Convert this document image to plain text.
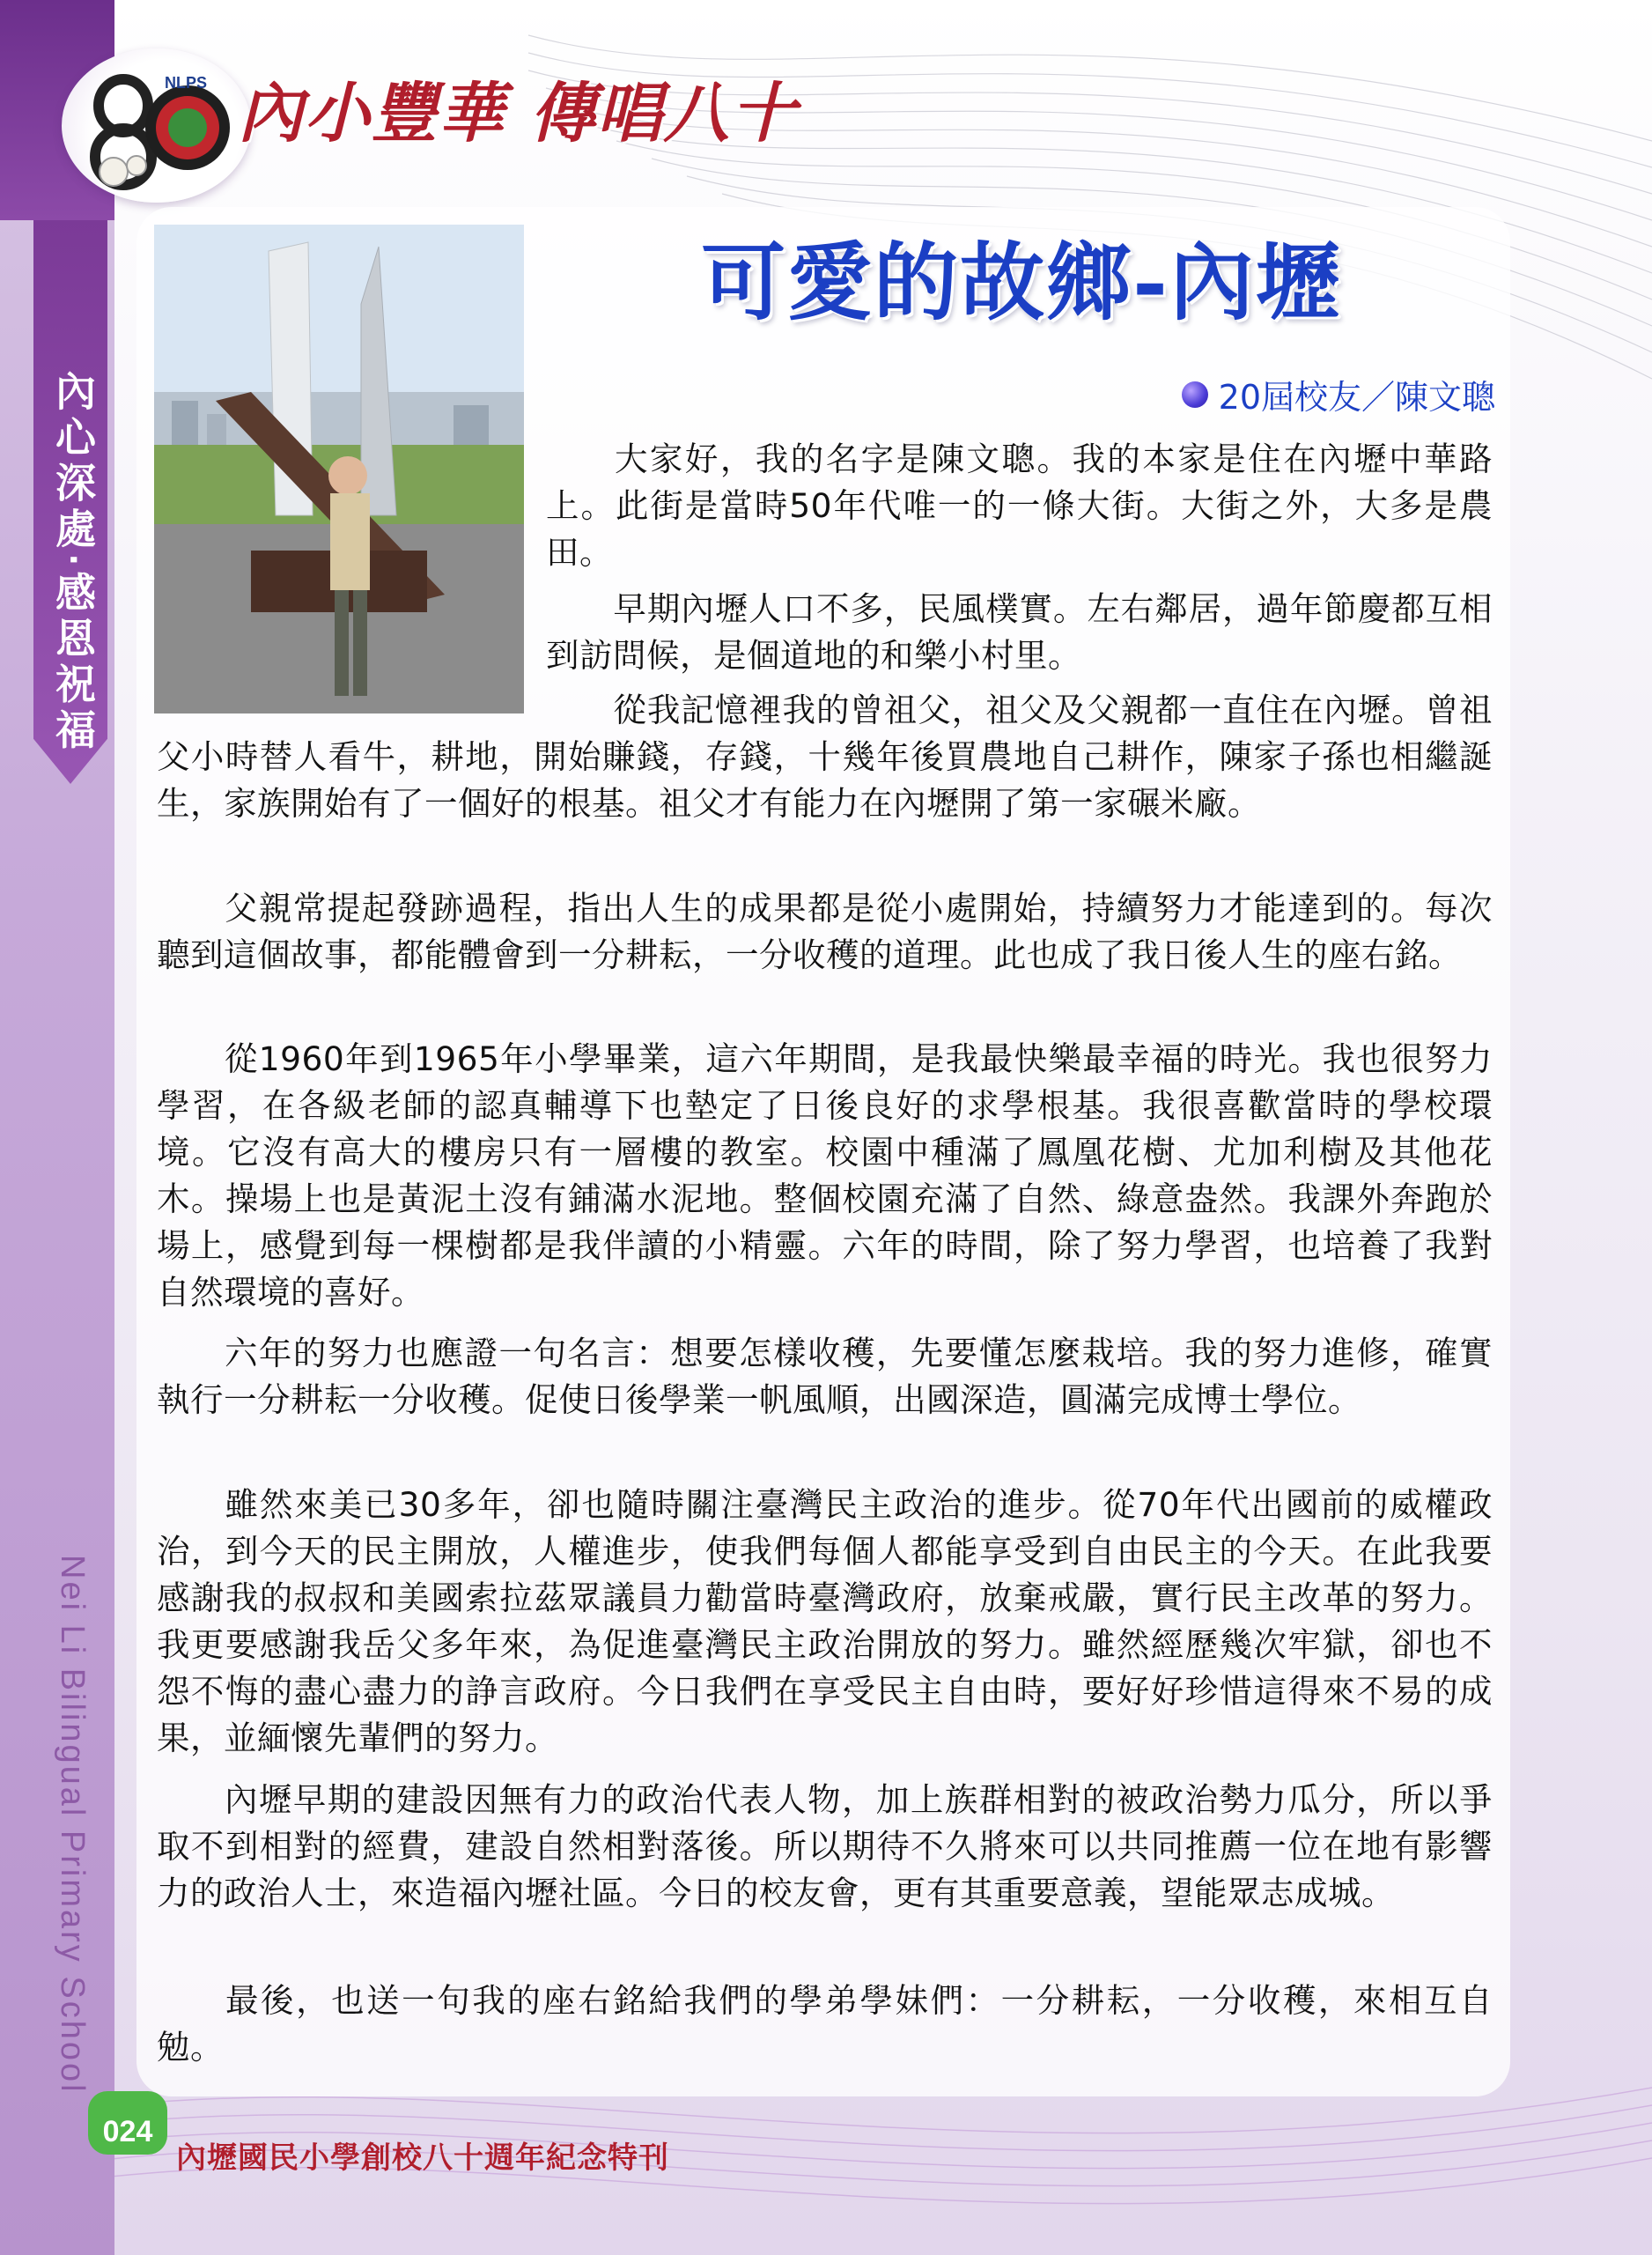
內心深處‧感恩祝福
Nei Li Bilingual Primary School
NLPS 內小豐華 傳唱八十
可愛的故鄉-內壢
20屆校友／陳文聰
大家好，我的名字是陳文聰。我的本家是住在內壢中華路上。此街是當時50年代唯一的一條大街。大街之外，大多是農田。
早期內壢人口不多，民風樸實。左右鄰居，過年節慶都互相到訪問候，是個道地的和樂小村里。
從我記憶裡我的曾祖父，祖父及父親都一直住在內壢。曾祖父小時替人看牛，耕地，開始賺錢，存錢，十幾年後買農地自己耕作，陳家子孫也相繼誕生，家族開始有了一個好的根基。祖父才有能力在內壢開了第一家碾米廠。
父親常提起發跡過程，指出人生的成果都是從小處開始，持續努力才能達到的。每次聽到這個故事，都能體會到一分耕耘，一分收穫的道理。此也成了我日後人生的座右銘。
從1960年到1965年小學畢業，這六年期間，是我最快樂最幸福的時光。我也很努力學習，在各級老師的認真輔導下也墊定了日後良好的求學根基。我很喜歡當時的學校環境。它沒有高大的樓房只有一層樓的教室。校園中種滿了鳳凰花樹、尤加利樹及其他花木。操場上也是黃泥土沒有鋪滿水泥地。整個校園充滿了自然、綠意盎然。我課外奔跑於場上，感覺到每一棵樹都是我伴讀的小精靈。六年的時間，除了努力學習，也培養了我對自然環境的喜好。
六年的努力也應證一句名言：想要怎樣收穫，先要懂怎麼栽培。我的努力進修，確實執行一分耕耘一分收穫。促使日後學業一帆風順，出國深造，圓滿完成博士學位。
雖然來美已30多年，卻也隨時關注臺灣民主政治的進步。從70年代出國前的威權政治，到今天的民主開放，人權進步，使我們每個人都能享受到自由民主的今天。在此我要感謝我的叔叔和美國索拉茲眾議員力勸當時臺灣政府，放棄戒嚴，實行民主改革的努力。我更要感謝我岳父多年來，為促進臺灣民主政治開放的努力。雖然經歷幾次牢獄，卻也不怨不悔的盡心盡力的諍言政府。今日我們在享受民主自由時，要好好珍惜這得來不易的成果，並緬懷先輩們的努力。
內壢早期的建設因無有力的政治代表人物，加上族群相對的被政治勢力瓜分，所以爭取不到相對的經費，建設自然相對落後。所以期待不久將來可以共同推薦一位在地有影響力的政治人士，來造福內壢社區。今日的校友會，更有其重要意義，望能眾志成城。
最後，也送一句我的座右銘給我們的學弟學妹們：一分耕耘，一分收穫，來相互自勉。
024
內壢國民小學創校八十週年紀念特刊
